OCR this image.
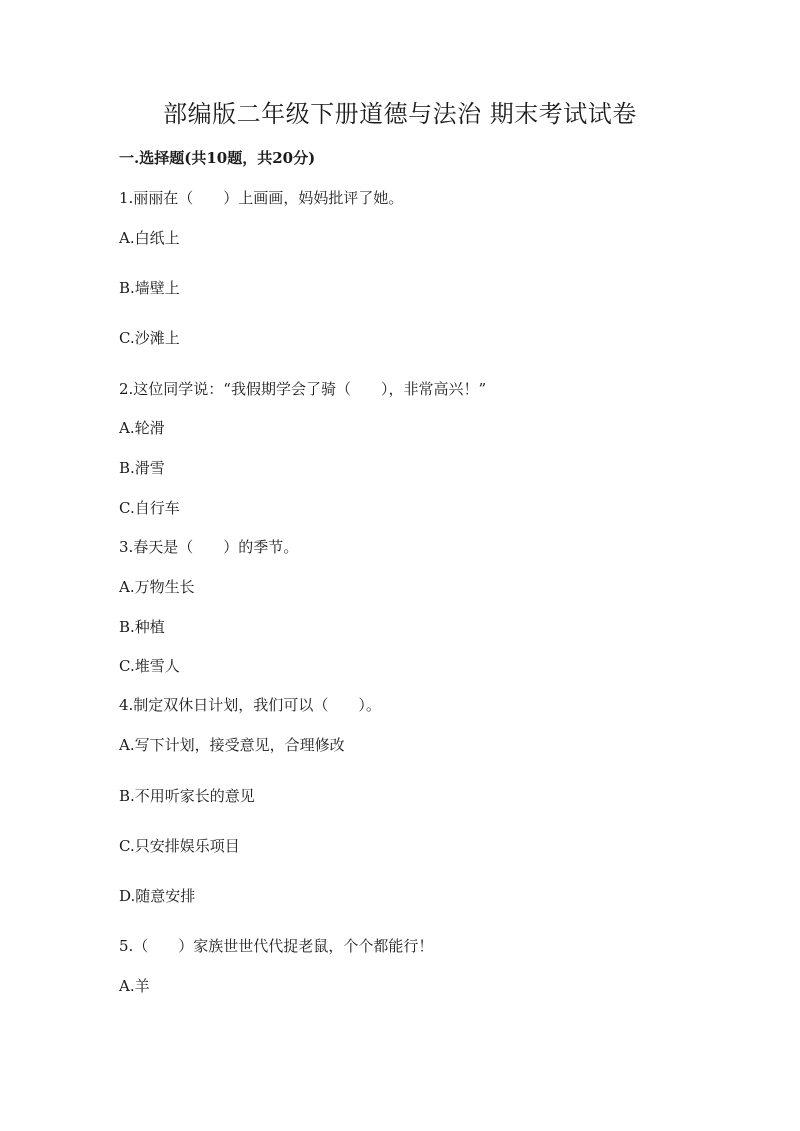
部编版二年级下册道德与法治 期末考试试卷
一.选择题(共10题，共20分)
1.丽丽在（　　）上画画，妈妈批评了她。
A.白纸上
B.墙壁上
C.沙滩上
2.这位同学说：“我假期学会了骑（　　），非常高兴！”
A.轮滑
B.滑雪
C.自行车
3.春天是（　　）的季节。
A.万物生长
B.种植
C.堆雪人
4.制定双休日计划，我们可以（　　）。
A.写下计划，接受意见，合理修改
B.不用听家长的意见
C.只安排娱乐项目
D.随意安排
5.（　　）家族世世代代捉老鼠，个个都能行！
A.羊
